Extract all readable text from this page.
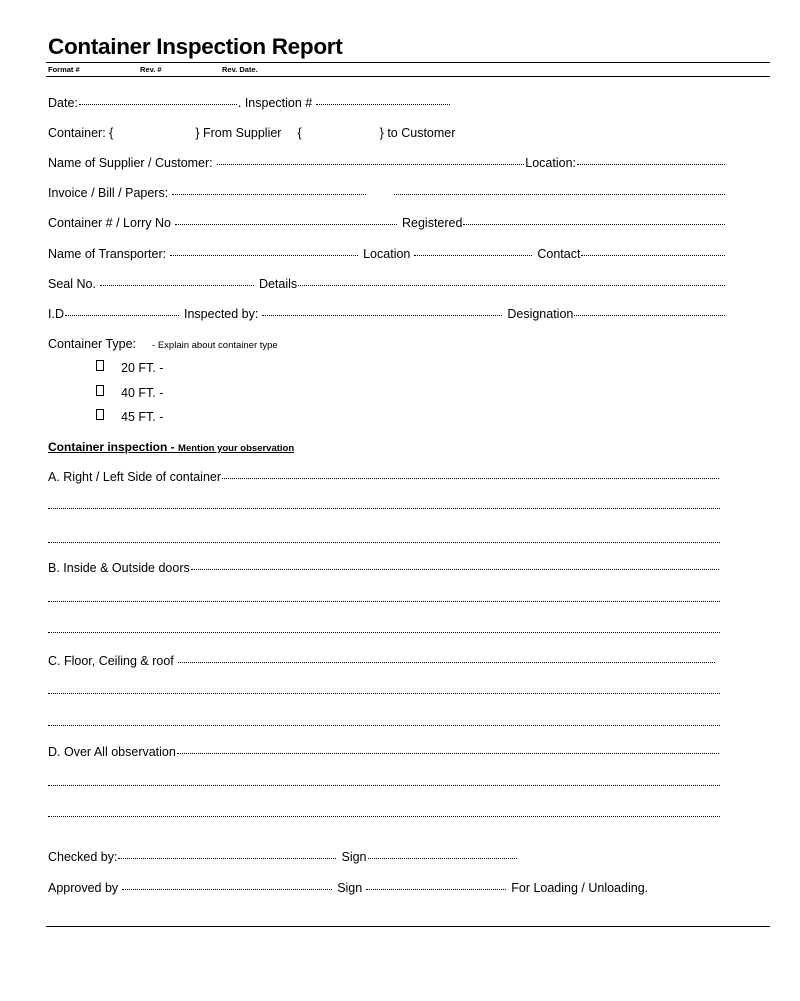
Container Inspection Report
Format #	Rev. #	Rev. Date.
Date:	. Inspection #
Container: {	} From Supplier {	} to Customer
Name of Supplier / Customer:	Location:
Invoice / Bill / Papers:
Container # / Lorry No	Registered
Name of Transporter:	Location	Contact
Seal No.	Details
I.D	Inspected by:	Designation
Container Type: - Explain about container type
20 FT. -
40 FT. -
45 FT. -
Container inspection - Mention your observation
A. Right / Left Side of container
B. Inside & Outside doors
C. Floor, Ceiling & roof
D. Over All observation
Checked by:	Sign
Approved by	Sign	For Loading / Unloading.
